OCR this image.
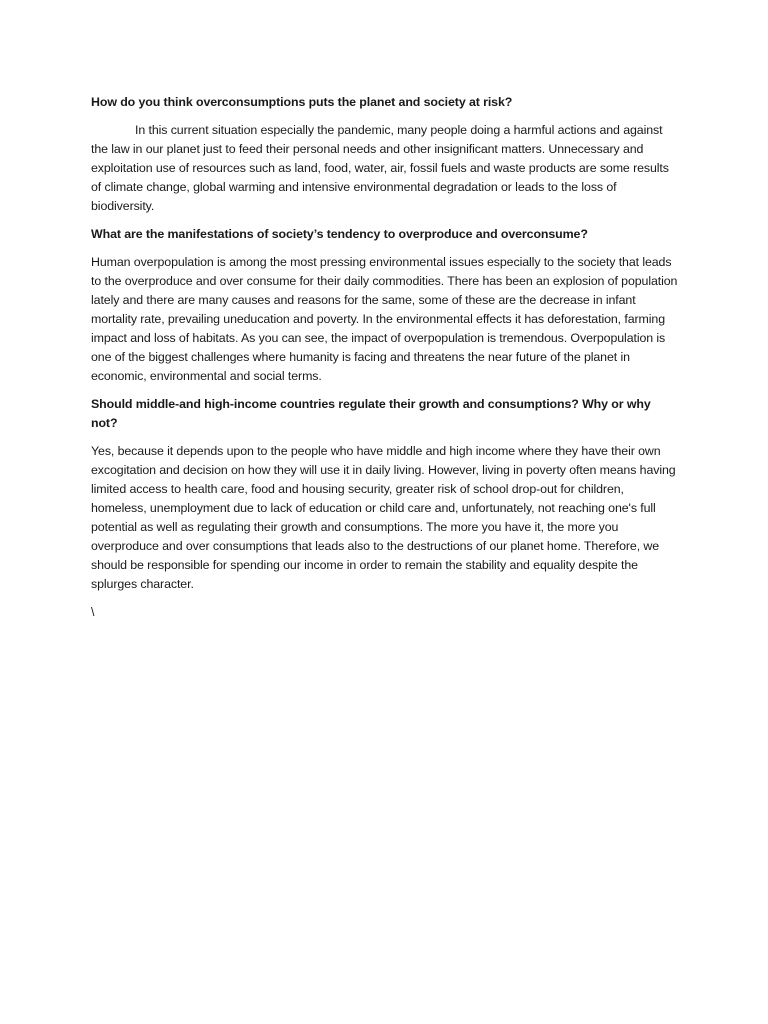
How do you think overconsumptions puts the planet and society at risk?

In this current situation especially the pandemic, many people doing a harmful actions and against the law in our planet just to feed their personal needs and other insignificant matters. Unnecessary and exploitation use of resources such as land, food, water, air, fossil fuels and waste products are some results of climate change, global warming and intensive environmental degradation or leads to the loss of biodiversity.

What are the manifestations of society’s tendency to overproduce and overconsume?

Human overpopulation is among the most pressing environmental issues especially to the society that leads to the overproduce and over consume for their daily commodities. There has been an explosion of population lately and there are many causes and reasons for the same, some of these are the decrease in infant mortality rate, prevailing uneducation and poverty. In the environmental effects it has deforestation, farming impact and loss of habitats. As you can see, the impact of overpopulation is tremendous. Overpopulation is one of the biggest challenges where humanity is facing and threatens the near future of the planet in economic, environmental and social terms.

Should middle-and high-income countries regulate their growth and consumptions? Why or why not?

Yes, because it depends upon to the people who have middle and high income where they have their own excogitation and decision on how they will use it in daily living. However, living in poverty often means having limited access to health care, food and housing security, greater risk of school drop-out for children, homeless, unemployment due to lack of education or child care and, unfortunately, not reaching one's full potential as well as regulating their growth and consumptions. The more you have it, the more you overproduce and over consumptions that leads also to the destructions of our planet home. Therefore, we should be responsible for spending our income in order to remain the stability and equality despite the splurges character.

\
